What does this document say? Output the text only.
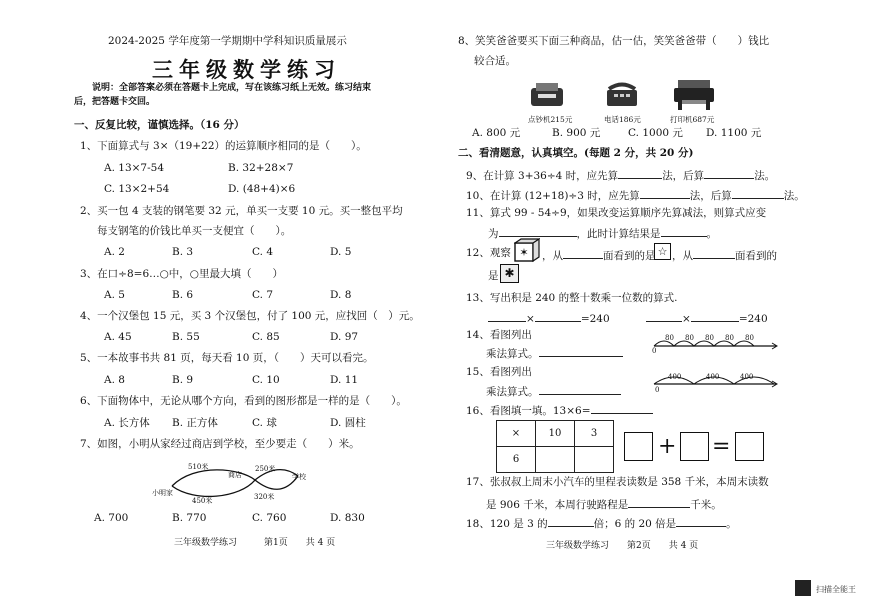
2024-2025 学年度第一学期期中学科知识质量展示
三年级数学练习
说明：全部答案必须在答题卡上完成，写在该练习纸上无效。练习结束
后，把答题卡交回。
一、反复比较，谨慎选择。（16 分）
1、下面算式与 3×（19+22）的运算顺序相同的是（　　）。
A. 13×7-54	B. 32+28×7
C. 13×2+54	D. (48+4)×6
2、买一包 4 支装的钢笔要 32 元，单买一支要 10 元。买一整包平均
每支钢笔的价钱比单买一支便宜（　　）。
A. 2	B. 3	C. 4	D. 5
3、在口÷8=6…○中，○里最大填（　　）
A. 5	B. 6	C. 7	D. 8
4、一个汉堡包 15 元，买 3 个汉堡包，付了 100 元，应找回（　）元。
A. 45	B. 55	C. 85	D. 97
5、一本故事书共 81 页，每天看 10 页，（　　）天可以看完。
A. 8	B. 9	C. 10	D. 11
6、下面物体中，无论从哪个方向，看到的图形都是一样的是（　　）。
A. 长方体 B. 正方体	C. 球	D. 圆柱
7、如图，小明从家经过商店到学校，至少要走（　　）米。
510米
商店
250米
学校
小明家
450米	320米
A. 700	B. 770	C. 760	D. 830
三年级数学练习　　　第1页　　共 4 页
8、笑笑爸爸要买下面三种商品，估一估，笑笑爸爸带（　　）钱比
较合适。
点钞机215元	电话186元	打印机687元
A. 800 元	B. 900 元	C. 1000 元 D. 1100 元
二、看清题意，认真填空。(每题 2 分，共 20 分)
9、在计算 3+36÷4 时，应先算	法，后算	法。
10、在计算 (12+18)÷3 时，应先算	法，后算	法。
11、算式 99 - 54÷9，如果改变运算顺序先算减法，则算式应变
为	，此时计算结果是	。
12、观察 ✶ ，从	面看到的是 ☆ ，从	面看到的
是 ✱
13、写出积是 240 的整十数乘一位数的算式.
×	=240	×	=240
14、看图列出
乘法算式。
80 80 80 80 80
0
15、看图列出
乘法算式。
400	400	400
0
16、看图填一填。13×6=
×	10	3
6		
+ =
17、张叔叔上周末小汽车的里程表读数是 358 千米，本周末读数
是 906 千米，本周行驶路程是	千米。
18、120 是 3 的	倍；6 的 20 倍是	。
三年级数学练习　　第2页　　共 4 页
扫描全能王
